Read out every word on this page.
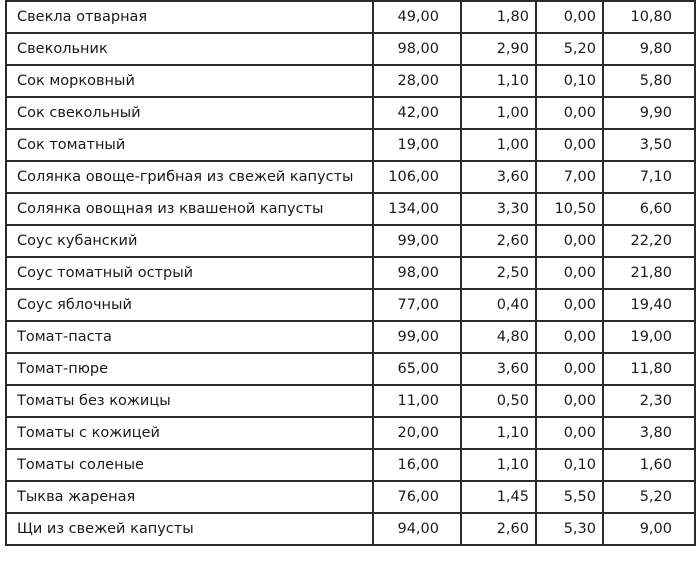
Свекла отварная	49,00	1,80	0,00	10,80
Свекольник	98,00	2,90	5,20	9,80
Сок морковный	28,00	1,10	0,10	5,80
Сок свекольный	42,00	1,00	0,00	9,90
Сок томатный	19,00	1,00	0,00	3,50
Солянка овоще-грибная из свежей капусты	106,00	3,60	7,00	7,10
Солянка овощная из квашеной капусты	134,00	3,30	10,50	6,60
Соус кубанский	99,00	2,60	0,00	22,20
Соус томатный острый	98,00	2,50	0,00	21,80
Соус яблочный	77,00	0,40	0,00	19,40
Томат-паста	99,00	4,80	0,00	19,00
Томат-пюре	65,00	3,60	0,00	11,80
Томаты без кожицы	11,00	0,50	0,00	2,30
Томаты с кожицей	20,00	1,10	0,00	3,80
Томаты соленые	16,00	1,10	0,10	1,60
Тыква жареная	76,00	1,45	5,50	5,20
Щи из свежей капусты	94,00	2,60	5,30	9,00
